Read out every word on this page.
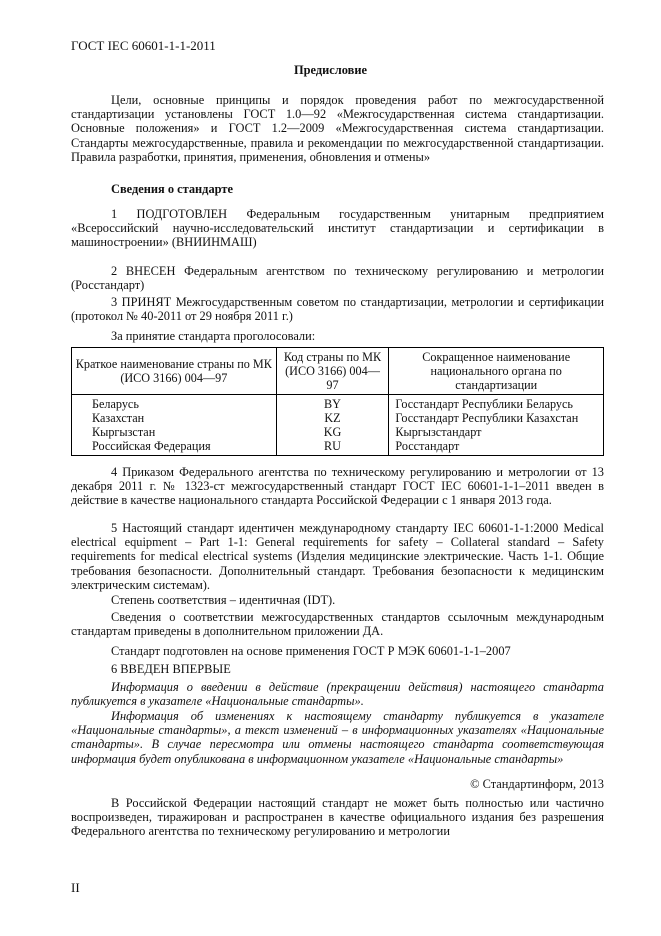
ГОСТ IEC 60601-1-1-2011
Предисловие
Цели, основные принципы и порядок проведения работ по межгосударственной стандартизации установлены ГОСТ 1.0—92 «Межгосударственная система стандартизации. Основные положения» и ГОСТ 1.2—2009 «Межгосударственная система стандартизации. Стандарты межгосударственные, правила и рекомендации по межгосударственной стандартизации. Правила разработки, принятия, применения, обновления и отмены»
Сведения о стандарте
1 ПОДГОТОВЛЕН Федеральным государственным унитарным предприятием «Всероссийский научно-исследовательский институт стандартизации и сертификации в машиностроении» (ВНИИНМАШ)
2 ВНЕСЕН Федеральным агентством по техническому регулированию и метрологии (Росстандарт)
3 ПРИНЯТ Межгосударственным советом по стандартизации, метрологии и сертификации (протокол № 40-2011 от 29 ноября 2011 г.)
За принятие стандарта проголосовали:
Краткое наименование страны по МК (ИСО 3166) 004—97	Код страны по МК (ИСО 3166) 004—97	Сокращенное наименование национального органа по стандартизации
Беларусь	BY	Госстандарт Республики Беларусь
Казахстан	KZ	Госстандарт Республики Казахстан
Кыргызстан	KG	Кыргызстандарт
Российская Федерация	RU	Росстандарт
4 Приказом Федерального агентства по техническому регулированию и метрологии от 13 декабря 2011 г. № 1323-ст межгосударственный стандарт ГОСТ IEC 60601-1-1–2011 введен в действие в качестве национального стандарта Российской Федерации с 1 января 2013 года.
5 Настоящий стандарт идентичен международному стандарту IEC 60601-1-1:2000 Medical electrical equipment – Part 1-1: General requirements for safety – Collateral standard – Safety requirements for medical electrical systems (Изделия медицинские электрические. Часть 1-1. Общие требования безопасности. Дополнительный стандарт. Требования безопасности к медицинским электрическим системам).
Степень соответствия – идентичная (IDT).
Сведения о соответствии межгосударственных стандартов ссылочным международным стандартам приведены в дополнительном приложении ДА.
Стандарт подготовлен на основе применения ГОСТ Р МЭК 60601-1-1–2007
6 ВВЕДЕН ВПЕРВЫЕ
Информация о введении в действие (прекращении действия) настоящего стандарта публикуется в указателе «Национальные стандарты».
Информация об изменениях к настоящему стандарту публикуется в указателе «Национальные стандарты», а текст изменений – в информационных указателях «Национальные стандарты». В случае пересмотра или отмены настоящего стандарта соответствующая информация будет опубликована в информационном указателе «Национальные стандарты»
© Стандартинформ, 2013
В Российской Федерации настоящий стандарт не может быть полностью или частично воспроизведен, тиражирован и распространен в качестве официального издания без разрешения Федерального агентства по техническому регулированию и метрологии
II
